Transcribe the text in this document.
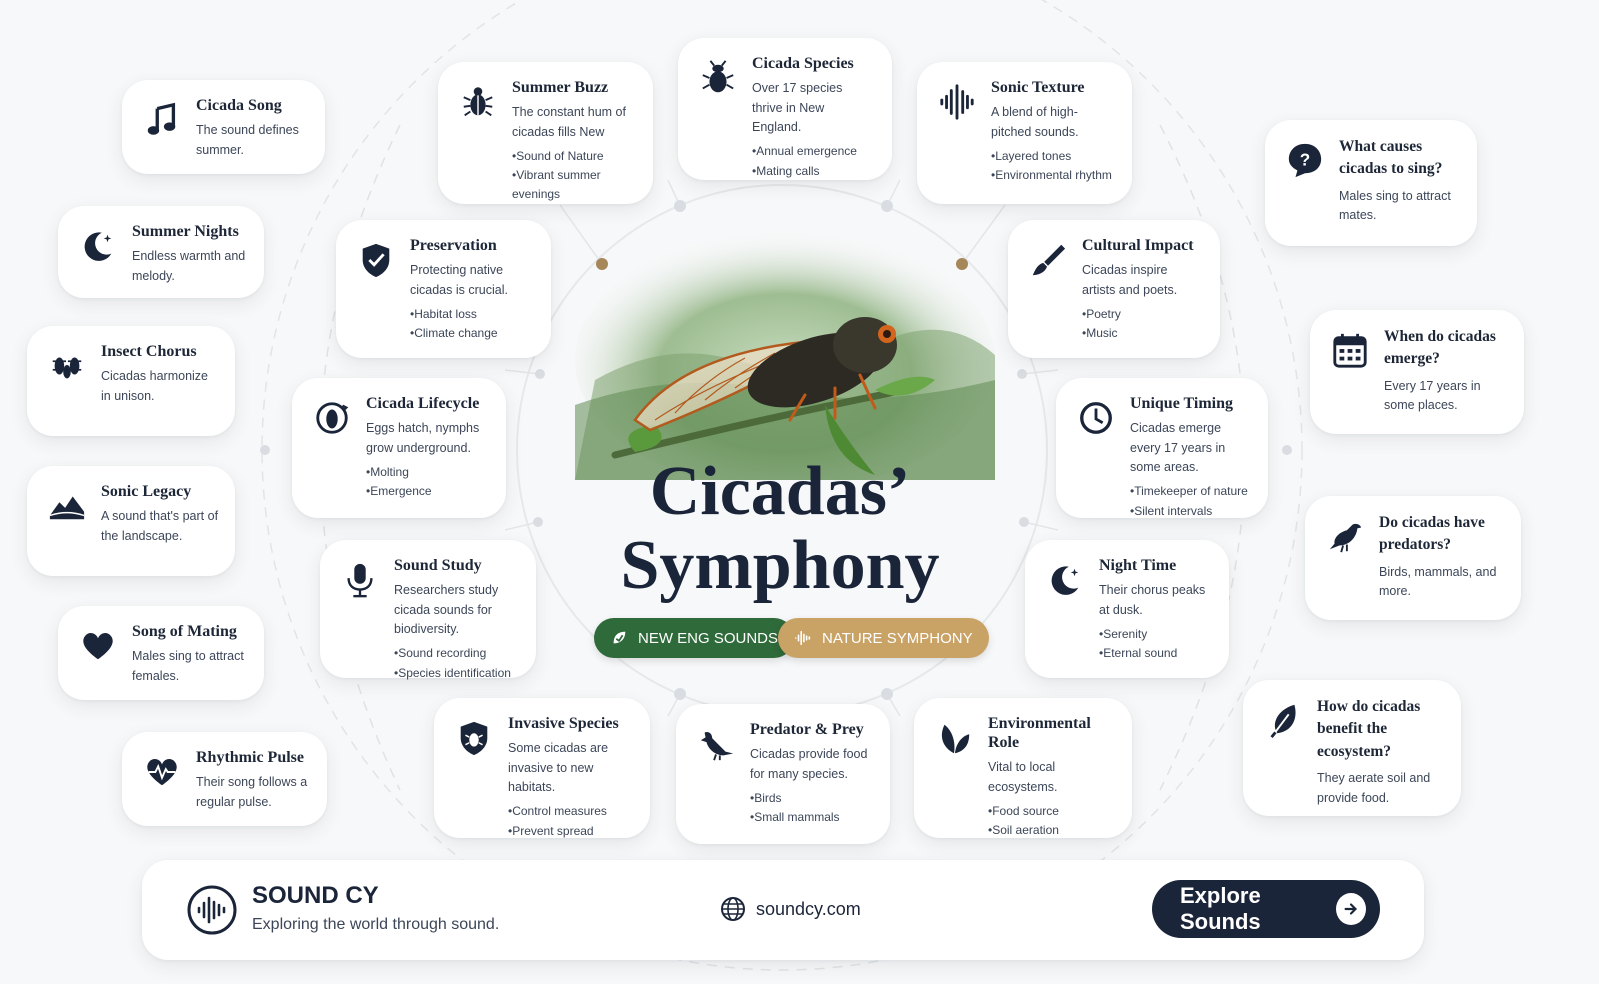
Cicadas’
Symphony
NEW ENG SOUNDS	NATURE SYMPHONY
Cicada Song
The sound defines summer.
Summer Nights
Endless warmth and melody.
Insect Chorus
Cicadas harmonize in unison.
Sonic Legacy
A sound that's part of the landscape.
Song of Mating
Males sing to attract females.
Rhythmic Pulse
Their song follows a regular pulse.
Summer Buzz
The constant hum of cicadas fills New
• Sound of Nature
• Vibrant summer evenings
Cicada Species
Over 17 species thrive in New England.
• Annual emergence
• Mating calls
Sonic Texture
A blend of high-pitched sounds.
• Layered tones
• Environmental rhythm
Preservation
Protecting native cicadas is crucial.
• Habitat loss
• Climate change
Cultural Impact
Cicadas inspire artists and poets.
• Poetry
• Music
Cicada Lifecycle
Eggs hatch, nymphs grow underground.
• Molting
• Emergence
Unique Timing
Cicadas emerge every 17 years in some areas.
• Timekeeper of nature
• Silent intervals
Sound Study
Researchers study cicada sounds for biodiversity.
• Sound recording
• Species identification
Night Time
Their chorus peaks at dusk.
• Serenity
• Eternal sound
Invasive Species
Some cicadas are invasive to new habitats.
• Control measures
• Prevent spread
Predator & Prey
Cicadas provide food for many species.
• Birds
• Small mammals
Environmental Role
Vital to local ecosystems.
• Food source
• Soil aeration
?
What causes cicadas to sing?
Males sing to attract mates.
When do cicadas emerge?
Every 17 years in some places.
Do cicadas have predators?
Birds, mammals, and more.
How do cicadas benefit the ecosystem?
They aerate soil and provide food.
SOUND CY
Exploring the world through sound.
soundcy.com
Explore Sounds
